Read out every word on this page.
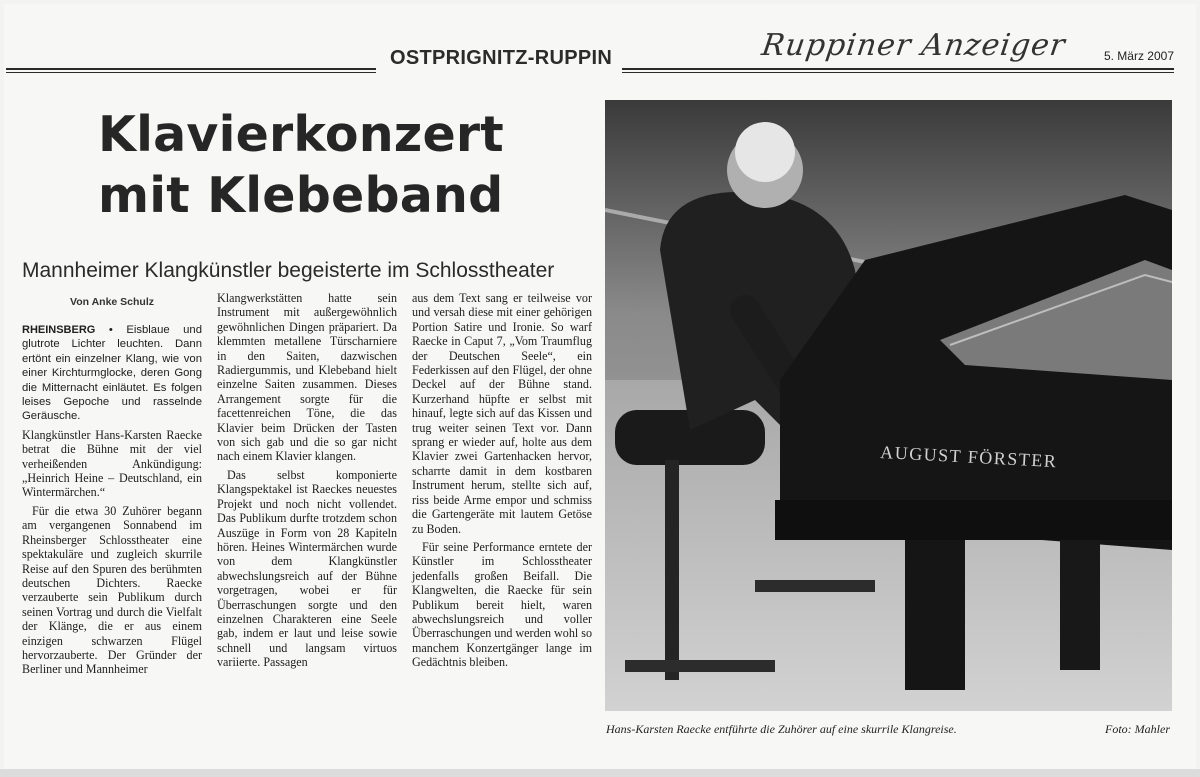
OSTPRIGNITZ-RUPPIN	Ruppiner Anzeiger	5. März 2007
Klavierkonzert
mit Klebeband
Mannheimer Klangkünstler begeisterte im Schlosstheater
Von Anke Schulz

RHEINSBERG • Eisblaue und glutrote Lichter leuchten. Dann ertönt ein einzelner Klang, wie von einer Kirchturmglocke, deren Gong die Mitternacht einläutet. Es folgen leises Gepoche und rasselnde Geräusche.

Klangkünstler Hans-Karsten Raecke betrat die Bühne mit der viel verheißenden Ankündigung: „Heinrich Heine – Deutschland, ein Wintermärchen.“

Für die etwa 30 Zuhörer begann am vergangenen Sonnabend im Rheinsberger Schlosstheater eine spektakuläre und zugleich skurrile Reise auf den Spuren des berühmten deutschen Dichters. Raecke verzauberte sein Publikum durch seinen Vortrag und durch die Vielfalt der Klänge, die er aus einem einzigen schwarzen Flügel hervorzauberte. Der Gründer der Berliner und Mannheimer

Klangwerkstätten hatte sein Instrument mit außergewöhnlich gewöhnlichen Dingen präpariert. Da klemmten metallene Türscharniere in den Saiten, dazwischen Radiergummis, und Klebeband hielt einzelne Saiten zusammen. Dieses Arrangement sorgte für die facettenreichen Töne, die das Klavier beim Drücken der Tasten von sich gab und die so gar nicht nach einem Klavier klangen.

Das selbst komponierte Klangspektakel ist Raeckes neuestes Projekt und noch nicht vollendet. Das Publikum durfte trotzdem schon Auszüge in Form von 28 Kapiteln hören. Heines Wintermärchen wurde von dem Klangkünstler abwechslungsreich auf der Bühne vorgetragen, wobei er für Überraschungen sorgte und den einzelnen Charakteren eine Seele gab, indem er laut und leise sowie schnell und langsam virtuos variierte. Passagen

aus dem Text sang er teilweise vor und versah diese mit einer gehörigen Portion Satire und Ironie. So warf Raecke in Caput 7, „Vom Traumflug der Deutschen Seele“, ein Federkissen auf den Flügel, der ohne Deckel auf der Bühne stand. Kurzerhand hüpfte er selbst mit hinauf, legte sich auf das Kissen und trug weiter seinen Text vor. Dann sprang er wieder auf, holte aus dem Klavier zwei Gartenhacken hervor, scharrte damit in dem kostbaren Instrument herum, stellte sich auf, riss beide Arme empor und schmiss die Gartengeräte mit lautem Getöse zu Boden.

Für seine Performance erntete der Künstler im Schlosstheater jedenfalls großen Beifall. Die Klangwelten, die Raecke für sein Publikum bereit hielt, waren abwechslungsreich und voller Überraschungen und werden wohl so manchem Konzertgänger lange im Gedächtnis bleiben.

AUGUST FÖRSTER
Hans-Karsten Raecke entführte die Zuhörer auf eine skurrile Klangreise.	Foto: Mahler
